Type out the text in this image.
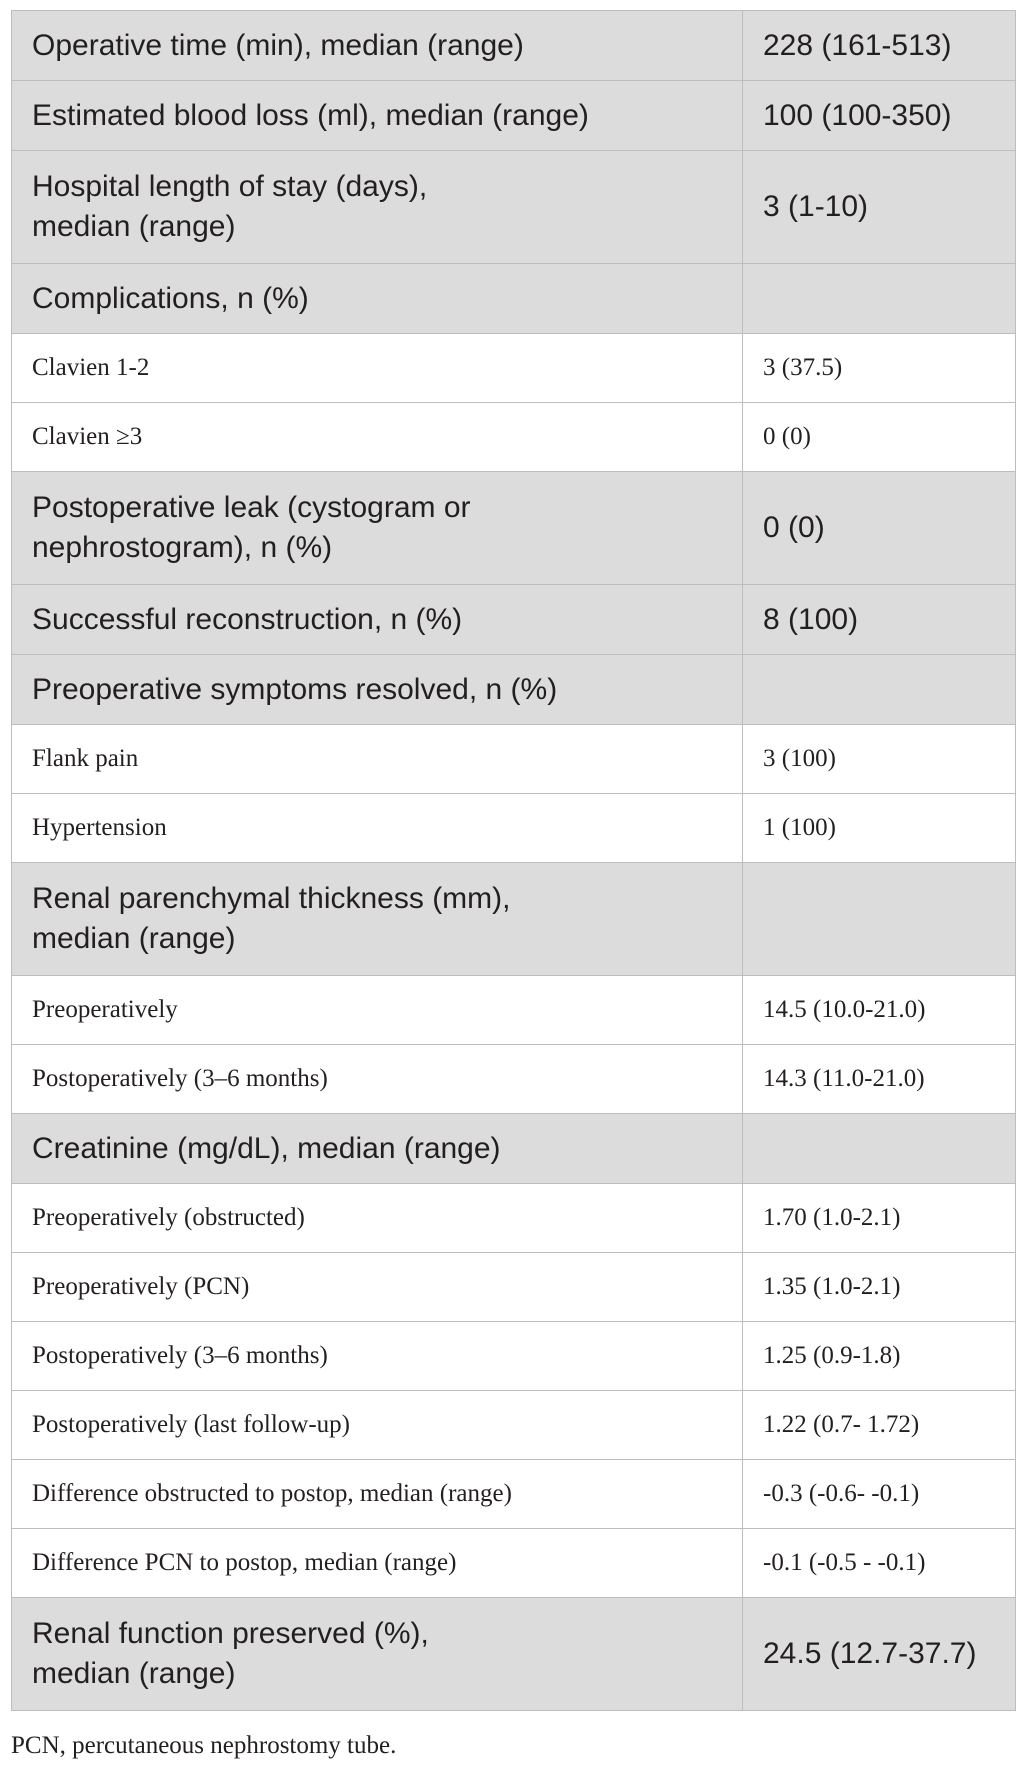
Operative time (min), median (range)	228 (161-513)
Estimated blood loss (ml), median (range)	100 (100-350)
Hospital length of stay (days),
median (range)	3 (1-10)
Complications, n (%)	
Clavien 1-2	3 (37.5)
Clavien ≥3	0 (0)
Postoperative leak (cystogram or
nephrostogram), n (%)	0 (0)
Successful reconstruction, n (%)	8 (100)
Preoperative symptoms resolved, n (%)	
Flank pain	3 (100)
Hypertension	1 (100)
Renal parenchymal thickness (mm),
median (range)	
Preoperatively	14.5 (10.0-21.0)
Postoperatively (3–6 months)	14.3 (11.0-21.0)
Creatinine (mg/dL), median (range)	
Preoperatively (obstructed)	1.70 (1.0-2.1)
Preoperatively (PCN)	1.35 (1.0-2.1)
Postoperatively (3–6 months)	1.25 (0.9-1.8)
Postoperatively (last follow-up)	1.22 (0.7- 1.72)
Difference obstructed to postop, median (range)	-0.3 (-0.6- -0.1)
Difference PCN to postop, median (range)	-0.1 (-0.5 - -0.1)
Renal function preserved (%),
median (range)	24.5 (12.7-37.7)
PCN, percutaneous nephrostomy tube.
